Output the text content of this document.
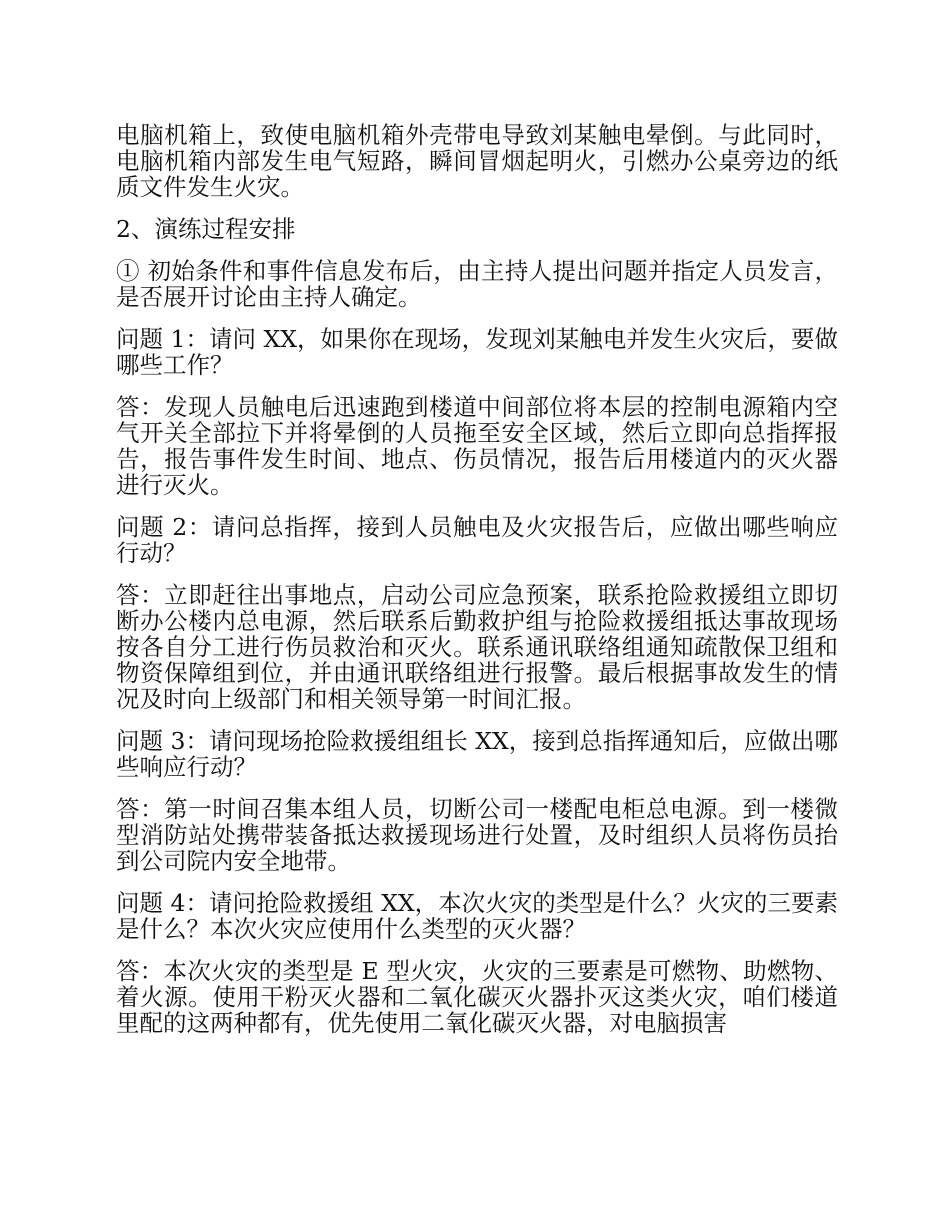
电脑机箱上，致使电脑机箱外壳带电导致刘某触电晕倒。与此同时，电脑机箱内部发生电气短路，瞬间冒烟起明火，引燃办公桌旁边的纸质文件发生火灾。

2、演练过程安排

① 初始条件和事件信息发布后，由主持人提出问题并指定人员发言，是否展开讨论由主持人确定。

问题 1：请问 XX，如果你在现场，发现刘某触电并发生火灾后，要做哪些工作？

答：发现人员触电后迅速跑到楼道中间部位将本层的控制电源箱内空气开关全部拉下并将晕倒的人员拖至安全区域，然后立即向总指挥报告，报告事件发生时间、地点、伤员情况，报告后用楼道内的灭火器进行灭火。

问题 2：请问总指挥，接到人员触电及火灾报告后，应做出哪些响应行动？

答：立即赶往出事地点，启动公司应急预案，联系抢险救援组立即切断办公楼内总电源，然后联系后勤救护组与抢险救援组抵达事故现场按各自分工进行伤员救治和灭火。联系通讯联络组通知疏散保卫组和物资保障组到位，并由通讯联络组进行报警。最后根据事故发生的情况及时向上级部门和相关领导第一时间汇报。

问题 3：请问现场抢险救援组组长 XX，接到总指挥通知后，应做出哪些响应行动？

答：第一时间召集本组人员，切断公司一楼配电柜总电源。到一楼微型消防站处携带装备抵达救援现场进行处置，及时组织人员将伤员抬到公司院内安全地带。

问题 4：请问抢险救援组 XX，本次火灾的类型是什么？火灾的三要素是什么？本次火灾应使用什么类型的灭火器？

答：本次火灾的类型是 E 型火灾，火灾的三要素是可燃物、助燃物、着火源。使用干粉灭火器和二氧化碳灭火器扑灭这类火灾，咱们楼道里配的这两种都有，优先使用二氧化碳灭火器，对电脑损害
